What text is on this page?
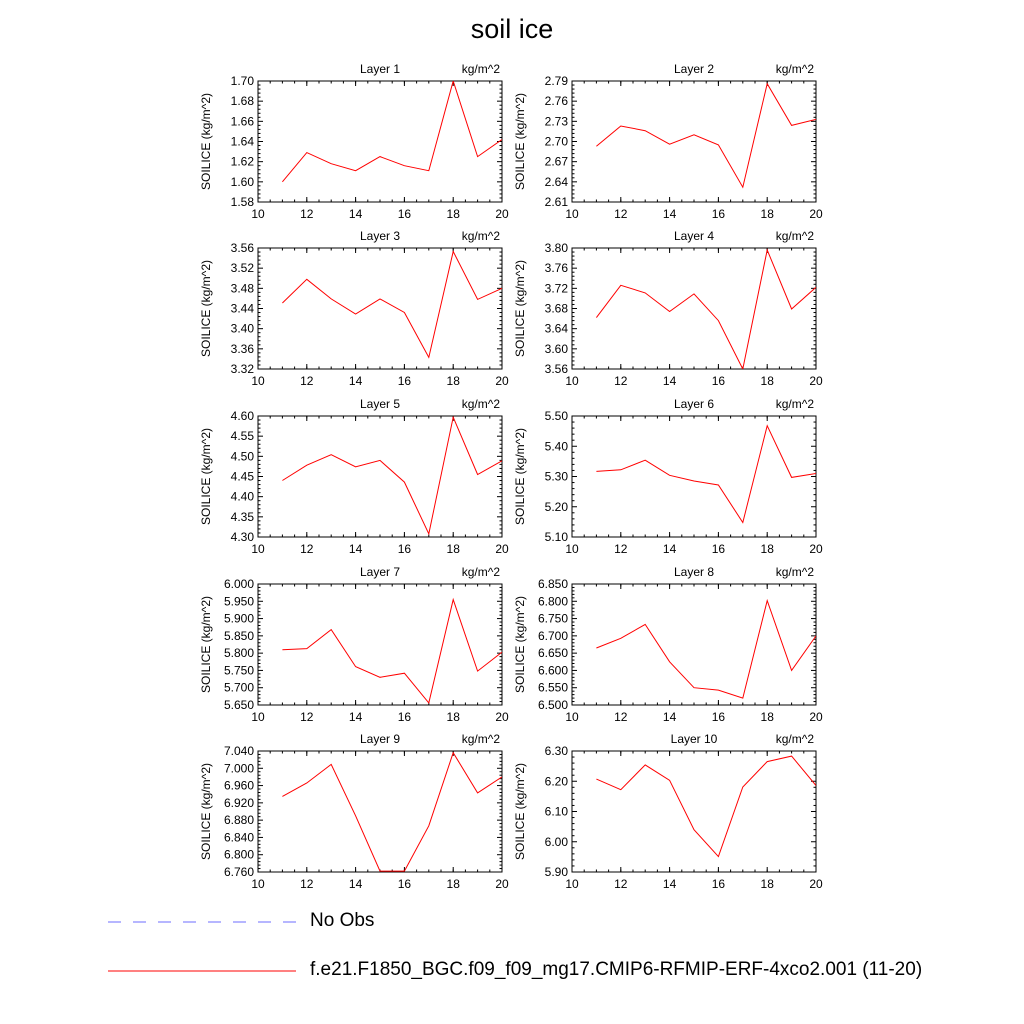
soil ice
10	12	14	16	18	20
1.58
1.60
1.62
1.64
1.66
1.68
1.70
Layer 1	kg/m^2
SOILICE (kg/m^2)
10	12	14	16	18	20
2.61
2.64
2.67
2.70
2.73
2.76
2.79
Layer 2	kg/m^2
SOILICE (kg/m^2)
10	12	14	16	18	20
3.32
3.36
3.40
3.44
3.48
3.52
3.56
Layer 3	kg/m^2
SOILICE (kg/m^2)
10	12	14	16	18	20
3.56
3.60
3.64
3.68
3.72
3.76
3.80
Layer 4	kg/m^2
SOILICE (kg/m^2)
10	12	14	16	18	20
4.30
4.35
4.40
4.45
4.50
4.55
4.60
Layer 5	kg/m^2
SOILICE (kg/m^2)
10	12	14	16	18	20
5.10
5.20
5.30
5.40
5.50
Layer 6	kg/m^2
SOILICE (kg/m^2)
10	12	14	16	18	20
5.650
5.700
5.750
5.800
5.850
5.900
5.950
6.000
Layer 7	kg/m^2
SOILICE (kg/m^2)
10	12	14	16	18	20
6.500
6.550
6.600
6.650
6.700
6.750
6.800
6.850
Layer 8	kg/m^2
SOILICE (kg/m^2)
10	12	14	16	18	20
6.760
6.800
6.840
6.880
6.920
6.960
7.000
7.040
Layer 9	kg/m^2
SOILICE (kg/m^2)
10	12	14	16	18	20
5.90
6.00
6.10
6.20
6.30
Layer 10	kg/m^2
SOILICE (kg/m^2)
No Obs
f.e21.F1850_BGC.f09_f09_mg17.CMIP6-RFMIP-ERF-4xco2.001 (11-20)
